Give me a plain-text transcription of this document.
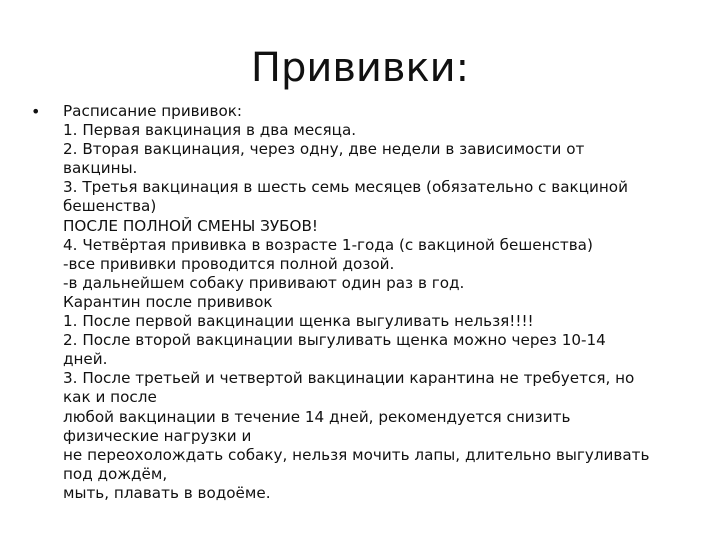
Прививки:
• Расписание прививок:
1. Первая вакцинация в два месяца.
2. Вторая вакцинация, через одну, две недели в зависимости от
вакцины.
3. Третья вакцинация в шесть семь месяцев (обязательно с вакциной
бешенства)
ПОСЛЕ ПОЛНОЙ СМЕНЫ ЗУБОВ!
4. Четвёртая прививка в возрасте 1-года (с вакциной бешенства)
-все прививки проводится полной дозой.
-в дальнейшем собаку прививают один раз в год.
Карантин после прививок
1. После первой вакцинации щенка выгуливать нельзя!!!!
2. После второй вакцинации выгуливать щенка можно через 10-14
дней.
3. После третьей и четвертой вакцинации карантина не требуется, но
как и после
любой вакцинации в течение 14 дней, рекомендуется снизить
физические нагрузки и
не переохолождать собаку, нельзя мочить лапы, длительно выгуливать
под дождём,
мыть, плавать в водоёме.
